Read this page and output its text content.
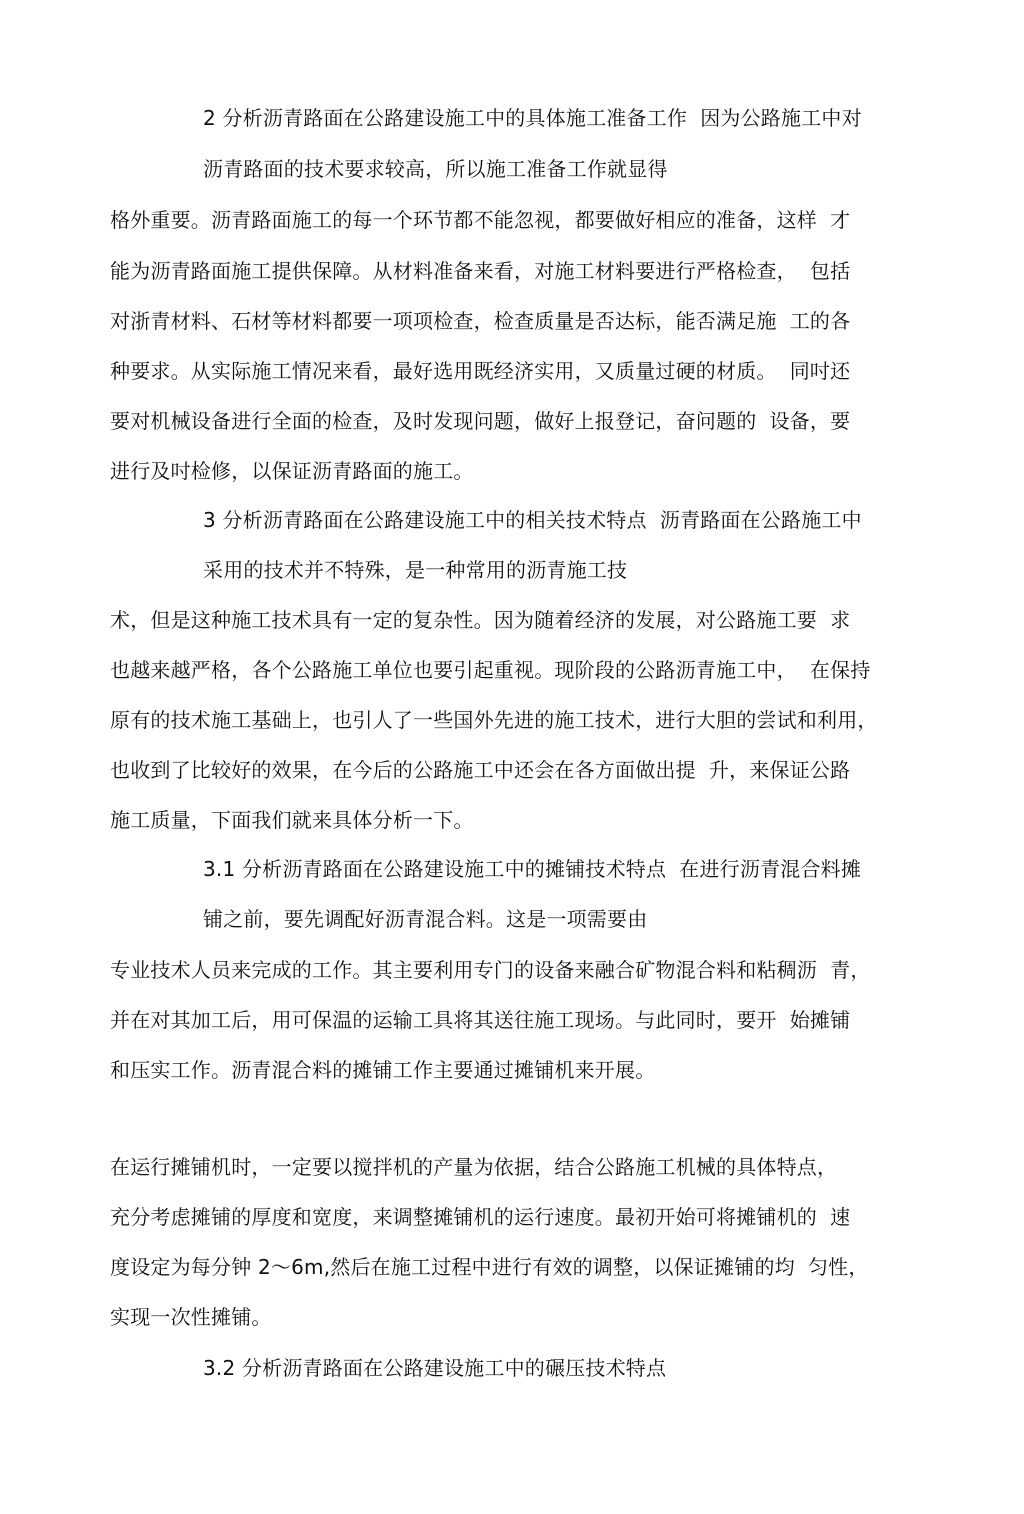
2 分析沥青路面在公路建设施工中的具体施工准备工作  因为公路施工中对
沥青路面的技术要求较高，所以施工准备工作就显得
格外重要。沥青路面施工的每一个环节都不能忽视，都要做好相应的准备，这样  才
能为沥青路面施工提供保障。从材料准备来看，对施工材料要进行严格检查，  包括
对浙青材料、石材等材料都要一项项检查，检查质量是否达标，能否满足施  工的各
种要求。从实际施工情况来看，最好选用既经济实用，又质量过硬的材质。  同吋还
要对机械设备进行全面的检查，及时发现问题，做好上报登记，奋问题的  设备，要
进行及吋检修，以保证沥青路面的施工。
3 分析沥青路面在公路建设施工中的相关技术特点  沥青路面在公路施工中
采用的技术并不特殊，是一种常用的沥青施工技
术，但是这种施工技术具有一定的复杂性。因为随着经济的发展，对公路施工要  求
也越来越严格，各个公路施工单位也要引起重视。现阶段的公路沥青施工中，  在保持
原有的技术施工基础上，也引人了一些国外先进的施工技术，进行大胆的尝试和利用，
也收到了比较好的效果，在今后的公路施工中还会在各方面做出提  升，来保证公路
施工质量，下面我们就来具体分析一下。
3.1 分析沥青路面在公路建设施工中的摊铺技术特点  在进行沥青混合料摊
铺之前，要先调配好沥青混合料。这是一项需要由
专业技术人员来完成的工作。其主要利用专门的设备来融合矿物混合料和粘稠沥  青，
并在对其加工后，用可保温的运输工具将其送往施工现场。与此同时，要开  始摊铺
和压实工作。沥青混合料的摊铺工作主要通过摊铺机来开展。
在运行摊铺机时，一定要以搅拌机的产量为依据，结合公路施工机械的具体特点，
充分考虑摊铺的厚度和宽度，来调整摊铺机的运行速度。最初开始可将摊铺机的  速
度设定为每分钟 2～6m,然后在施工过程中进行有效的调整，以保证摊铺的均  匀性，
实现一次性摊铺。
3.2 分析沥青路面在公路建设施工中的碾压技术特点
